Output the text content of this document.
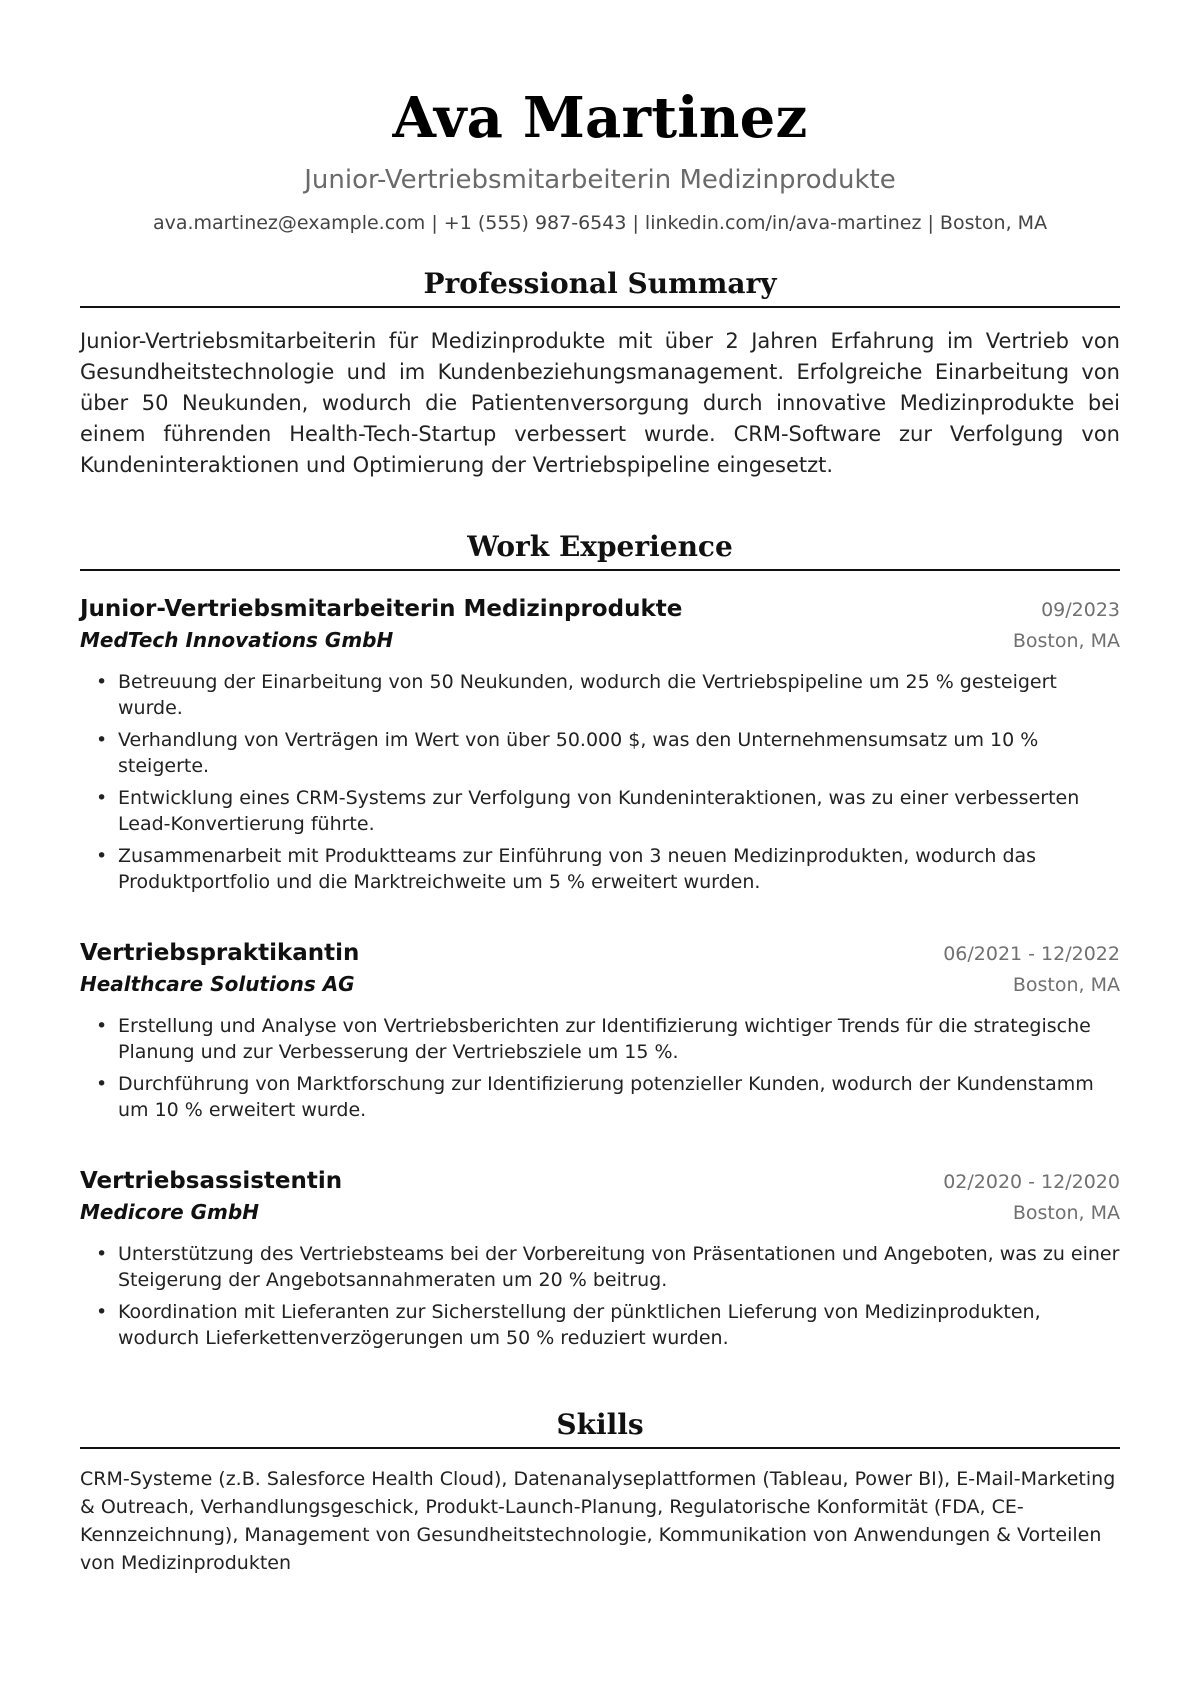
Ava Martinez
Junior-Vertriebsmitarbeiterin Medizinprodukte
ava.martinez@example.com | +1 (555) 987-6543 | linkedin.com/in/ava-martinez | Boston, MA
Professional Summary

Junior-Vertriebsmitarbeiterin für Medizinprodukte mit über 2 Jahren Erfahrung im Vertrieb von Gesundheitstechnologie und im Kundenbeziehungsmanagement. Erfolgreiche Einarbeitung von über 50 Neukunden, wodurch die Patientenversorgung durch innovative Medizinprodukte bei einem führenden Health-Tech-Startup verbessert wurde. CRM-Software zur Verfolgung von Kundeninteraktionen und Optimierung der Vertriebspipeline eingesetzt.

Work Experience
Junior-Vertriebsmitarbeiterin Medizinprodukte	09/2023
MedTech Innovations GmbH	Boston, MA
• Betreuung der Einarbeitung von 50 Neukunden, wodurch die Vertriebspipeline um 25 % gesteigert wurde.
• Verhandlung von Verträgen im Wert von über 50.000 $, was den Unternehmensumsatz um 10 % steigerte.
• Entwicklung eines CRM-Systems zur Verfolgung von Kundeninteraktionen, was zu einer verbesserten Lead-Konvertierung führte.
• Zusammenarbeit mit Produktteams zur Einführung von 3 neuen Medizinprodukten, wodurch das Produktportfolio und die Marktreichweite um 5 % erweitert wurden.
Vertriebspraktikantin	06/2021 - 12/2022
Healthcare Solutions AG	Boston, MA
• Erstellung und Analyse von Vertriebsberichten zur Identifizierung wichtiger Trends für die strategische Planung und zur Verbesserung der Vertriebsziele um 15 %.
• Durchführung von Marktforschung zur Identifizierung potenzieller Kunden, wodurch der Kundenstamm um 10 % erweitert wurde.
Vertriebsassistentin	02/2020 - 12/2020
Medicore GmbH	Boston, MA
• Unterstützung des Vertriebsteams bei der Vorbereitung von Präsentationen und Angeboten, was zu einer Steigerung der Angebotsannahmeraten um 20 % beitrug.
• Koordination mit Lieferanten zur Sicherstellung der pünktlichen Lieferung von Medizinprodukten, wodurch Lieferkettenverzögerungen um 50 % reduziert wurden.
Skills

CRM-Systeme (z.B. Salesforce Health Cloud), Datenanalyseplattformen (Tableau, Power BI), E-Mail-Marketing & Outreach, Verhandlungsgeschick, Produkt-Launch-Planung, Regulatorische Konformität (FDA, CE-Kennzeichnung), Management von Gesundheitstechnologie, Kommunikation von Anwendungen & Vorteilen von Medizinprodukten
